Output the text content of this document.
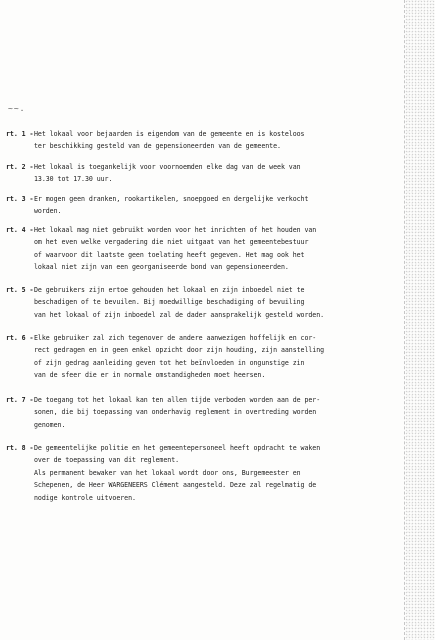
~~.
rt. 1 - Het lokaal voor bejaarden is eigendom van de gemeente en is kosteloos
ter beschikking gesteld van de gepensioneerden van de gemeente.
rt. 2 - Het lokaal is toegankelijk voor voornoemden elke dag van de week van
13.30 tot 17.30 uur.
rt. 3 - Er mogen geen dranken, rookartikelen, snoepgoed en dergelijke verkocht
worden.
rt. 4 - Het lokaal mag niet gebruikt worden voor het inrichten of het houden van
om het even welke vergadering die niet uitgaat van het gemeentebestuur
of waarvoor dit laatste geen toelating heeft gegeven. Het mag ook het
lokaal niet zijn van een georganiseerde bond van gepensioneerden.
rt. 5 - De gebruikers zijn ertoe gehouden het lokaal en zijn inboedel niet te
beschadigen of te bevuilen. Bij moedwillige beschadiging of bevuiling
van het lokaal of zijn inboedel zal de dader aansprakelijk gesteld worden.
rt. 6 - Elke gebruiker zal zich tegenover de andere aanwezigen hoffelijk en cor-
rect gedragen en in geen enkel opzicht door zijn houding, zijn aanstelling
of zijn gedrag aanleiding geven tot het beïnvloeden in ongunstige zin
van de sfeer die er in normale omstandigheden moet heersen.
rt. 7 - De toegang tot het lokaal kan ten allen tijde verboden worden aan de per-
sonen, die bij toepassing van onderhavig reglement in overtreding worden
genomen.
rt. 8 - De gemeentelijke politie en het gemeentepersoneel heeft opdracht te waken
over de toepassing van dit reglement.
Als permanent bewaker van het lokaal wordt door ons, Burgemeester en
Schepenen, de Heer WARGENEERS Clément aangesteld. Deze zal regelmatig de
nodige kontrole uitvoeren.
